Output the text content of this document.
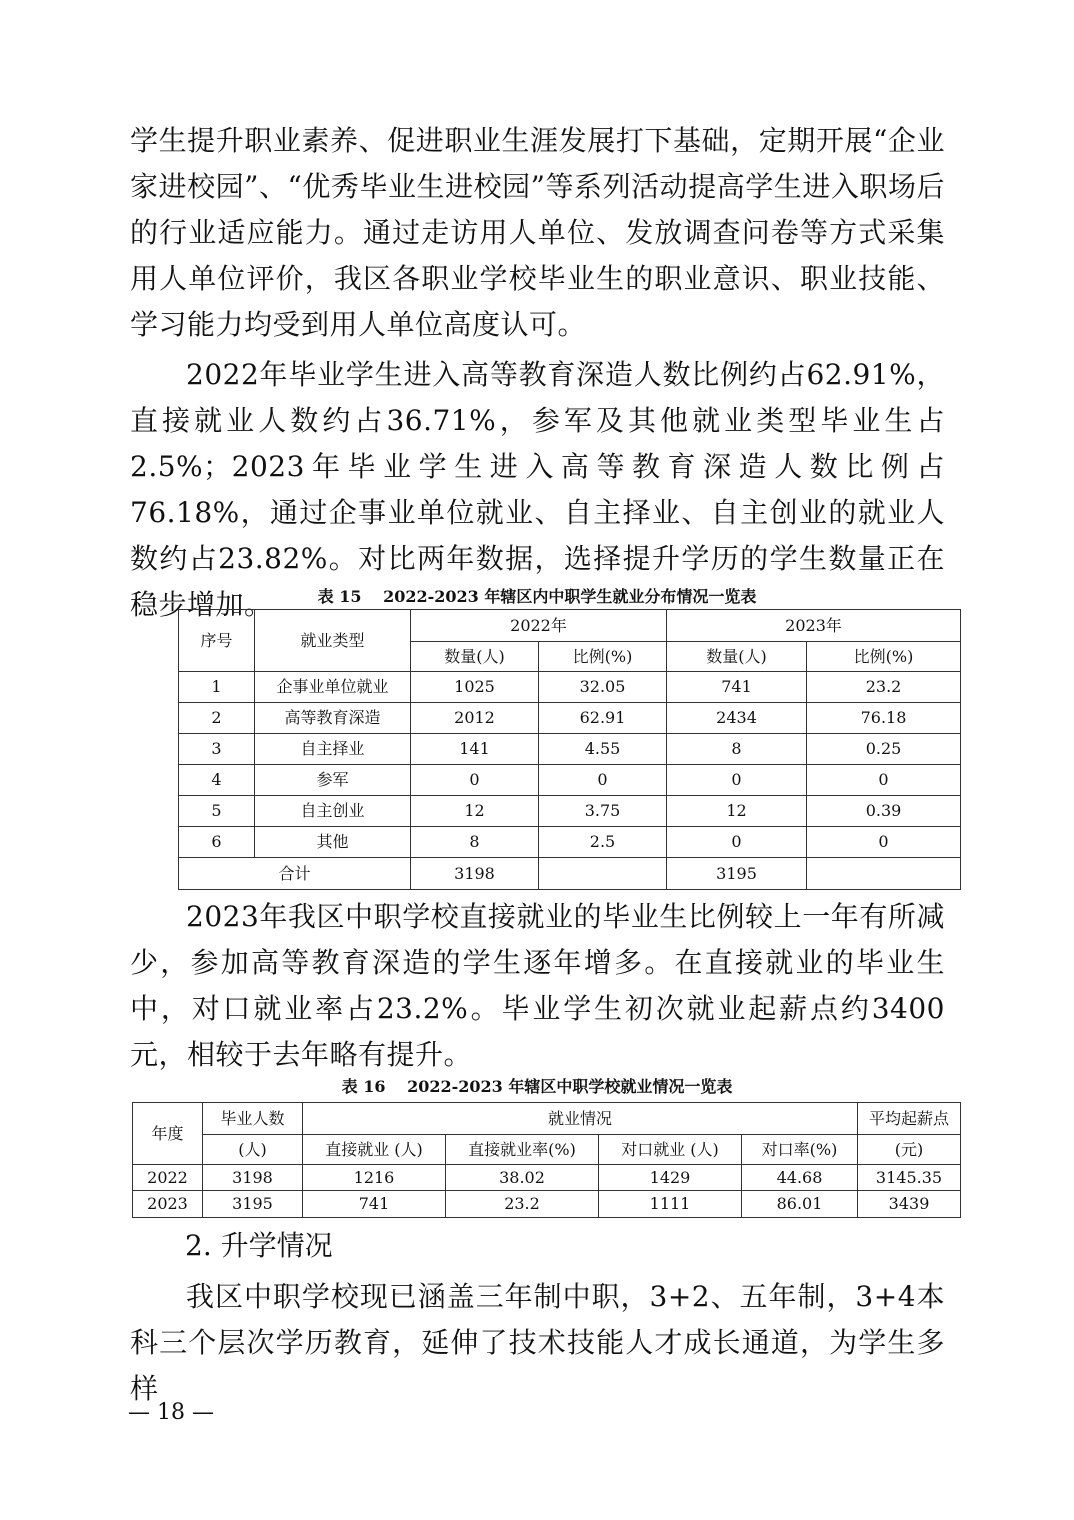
学生提升职业素养、促进职业生涯发展打下基础，定期开展“企业家进校园”、“优秀毕业生进校园”等系列活动提高学生进入职场后的行业适应能力。通过走访用人单位、发放调查问卷等方式采集用人单位评价，我区各职业学校毕业生的职业意识、职业技能、学习能力均受到用人单位高度认可。

2022年毕业学生进入高等教育深造人数比例约占62.91%，直接就业人数约占36.71%，参军及其他就业类型毕业生占2.5%；2023年毕业学生进入高等教育深造人数比例占76.18%，通过企事业单位就业、自主择业、自主创业的就业人数约占23.82%。对比两年数据，选择提升学历的学生数量正在稳步增加。	表 15　 2022-2023 年辖区内中职学生就业分布情况一览表

序号	就业类型	2022年		2023年	
		数量(人)	比例(%)	数量(人)	比例(%)
1	企事业单位就业	1025	32.05	741	23.2
2	高等教育深造	2012	62.91	2434	76.18
3	自主择业	141	4.55	8	0.25
4	参军	0	0	0	0
5	自主创业	12	3.75	12	0.39
6	其他	8	2.5	0	0
合计		3198		3195	

2023年我区中职学校直接就业的毕业生比例较上一年有所减少，参加高等教育深造的学生逐年增多。在直接就业的毕业生中，对口就业率占23.2%。毕业学生初次就业起薪点约3400元，相较于去年略有提升。

表 16　 2022-2023 年辖区中职学校就业情况一览表

年度	毕业人数	就业情况				平均起薪点
	(人)	直接就业 (人)	直接就业率(%)	对口就业 (人)	对口率(%)	(元)
2022	3198	1216	38.02	1429	44.68	3145.35
2023	3195	741	23.2	1111	86.01	3439

2. 升学情况

我区中职学校现已涵盖三年制中职，3+2、五年制，3+4本科三个层次学历教育，延伸了技术技能人才成长通道，为学生多样

— 18 —
